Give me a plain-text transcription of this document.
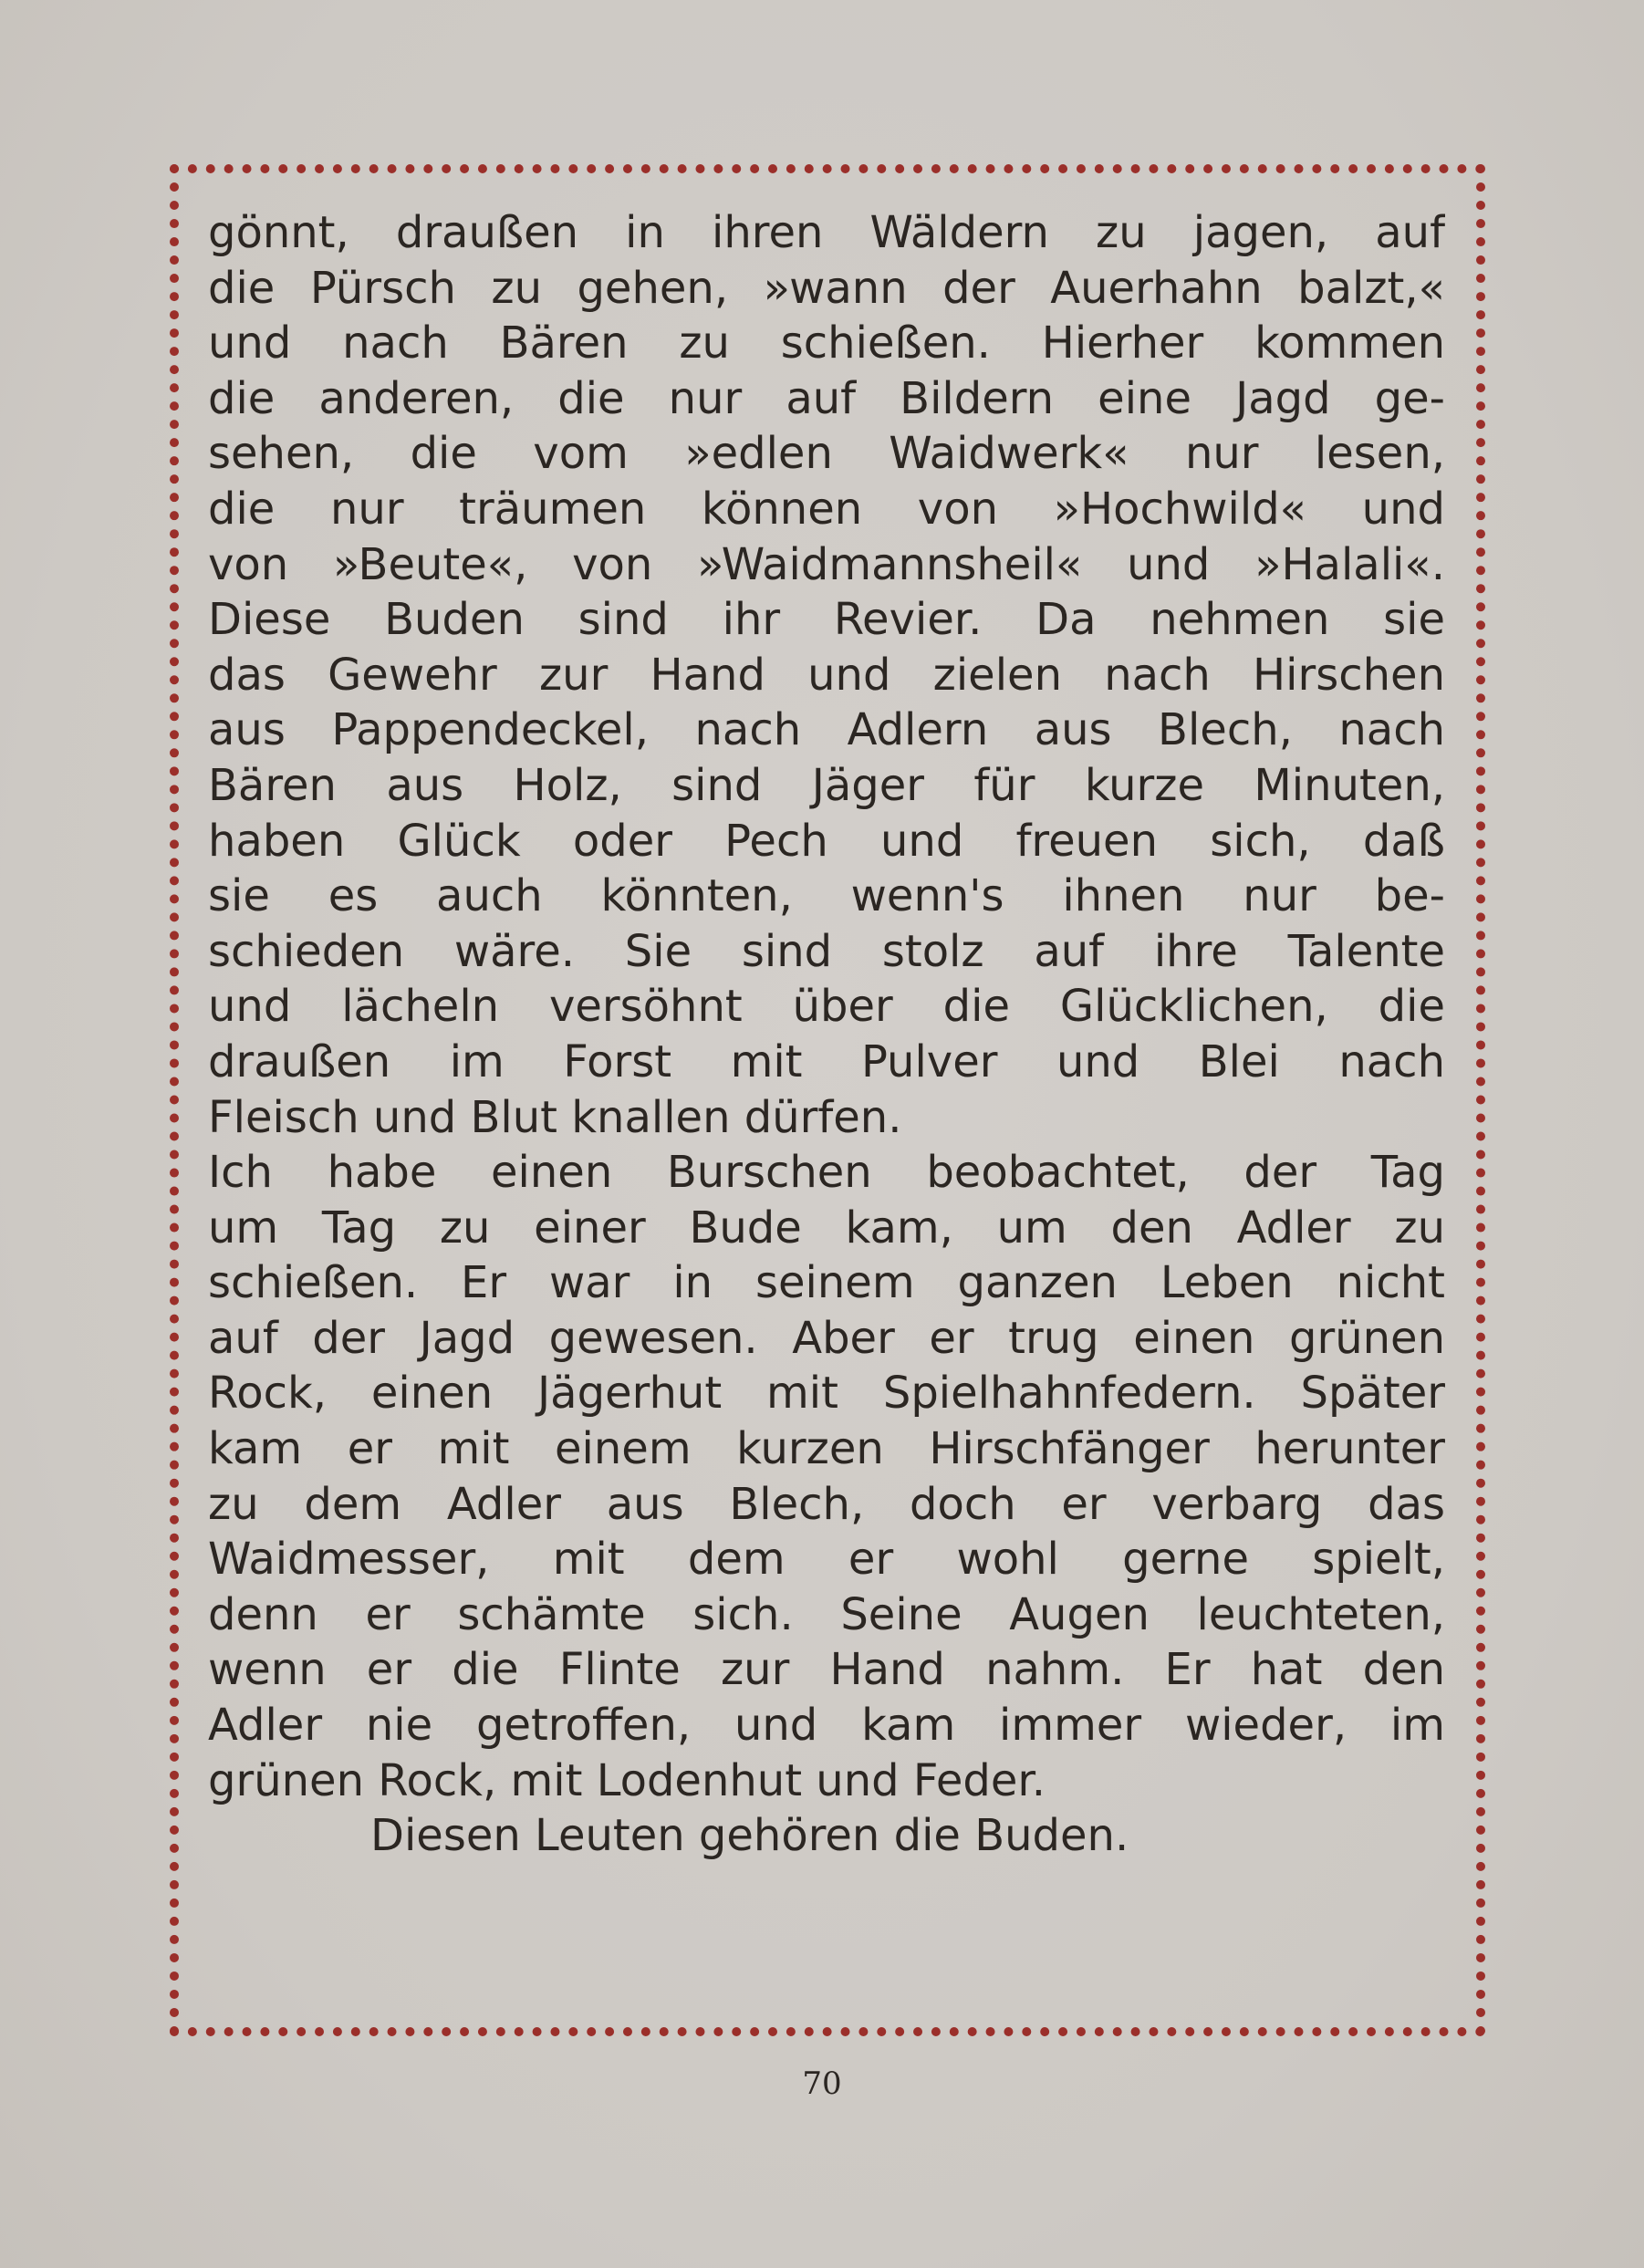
gönnt, draußen in ihren Wäldern zu jagen, auf
die Pürsch zu gehen, »wann der Auerhahn balzt,«
und nach Bären zu schießen. Hierher kommen
die anderen, die nur auf Bildern eine Jagd ge-
sehen, die vom »edlen Waidwerk« nur lesen,
die nur träumen können von »Hochwild« und
von »Beute«, von »Waidmannsheil« und »Halali«.
Diese Buden sind ihr Revier. Da nehmen sie
das Gewehr zur Hand und zielen nach Hirschen
aus Pappendeckel, nach Adlern aus Blech, nach
Bären aus Holz, sind Jäger für kurze Minuten,
haben Glück oder Pech und freuen sich, daß
sie es auch könnten, wenn's ihnen nur be-
schieden wäre. Sie sind stolz auf ihre Talente
und lächeln versöhnt über die Glücklichen, die
draußen im Forst mit Pulver und Blei nach
Fleisch und Blut knallen dürfen.
Ich habe einen Burschen beobachtet, der Tag
um Tag zu einer Bude kam, um den Adler zu
schießen. Er war in seinem ganzen Leben nicht
auf der Jagd gewesen. Aber er trug einen grünen
Rock, einen Jägerhut mit Spielhahnfedern. Später
kam er mit einem kurzen Hirschfänger herunter
zu dem Adler aus Blech, doch er verbarg das
Waidmesser, mit dem er wohl gerne spielt,
denn er schämte sich. Seine Augen leuchteten,
wenn er die Flinte zur Hand nahm. Er hat den
Adler nie getroffen, und kam immer wieder, im
grünen Rock, mit Lodenhut und Feder.
Diesen Leuten gehören die Buden.
70
